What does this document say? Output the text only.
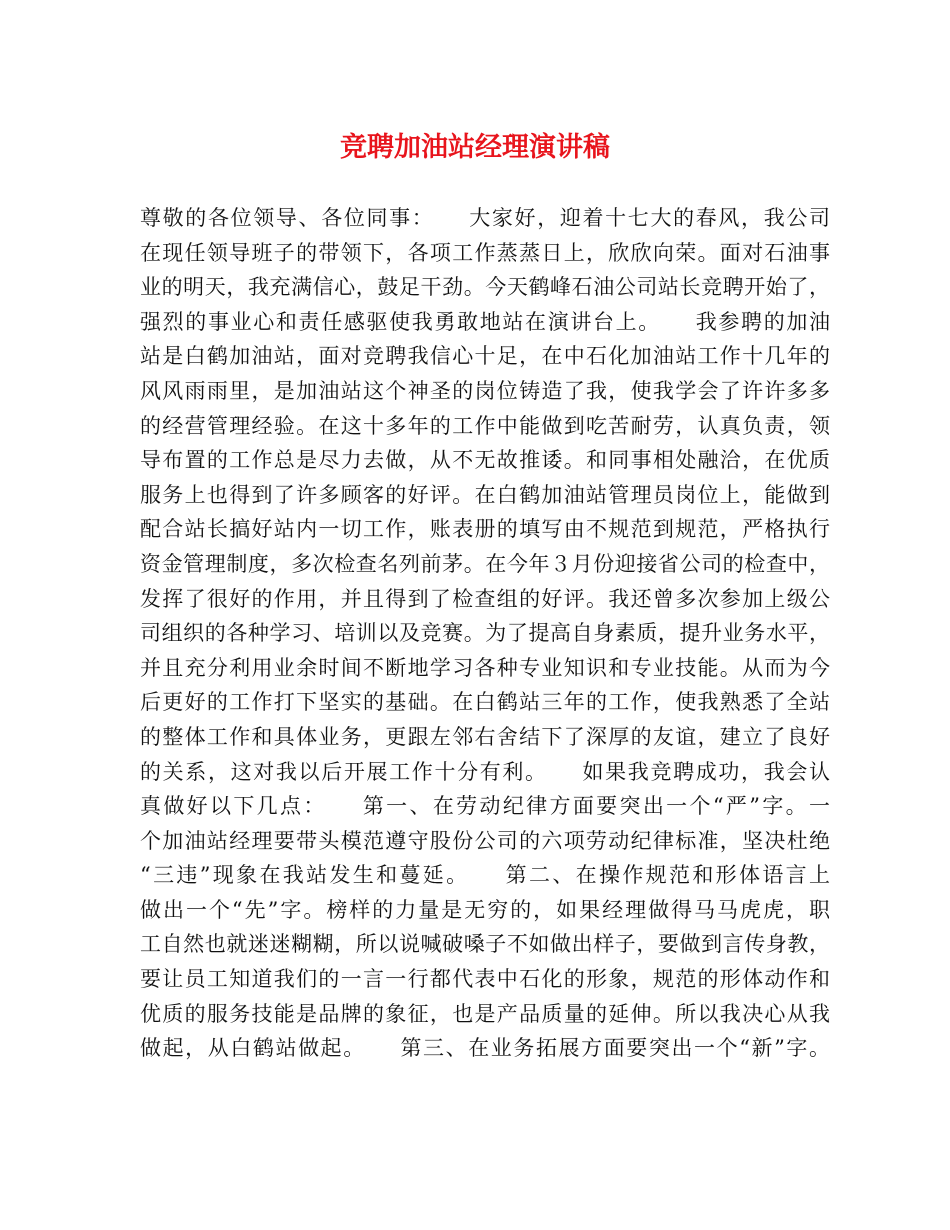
竞聘加油站经理演讲稿
尊敬的各位领导、各位同事：　　大家好，迎着十七大的春风，我公司
在现任领导班子的带领下，各项工作蒸蒸日上，欣欣向荣。面对石油事
业的明天，我充满信心，鼓足干劲。今天鹤峰石油公司站长竞聘开始了，
强烈的事业心和责任感驱使我勇敢地站在演讲台上。　　我参聘的加油
站是白鹤加油站，面对竞聘我信心十足，在中石化加油站工作十几年的
风风雨雨里，是加油站这个神圣的岗位铸造了我，使我学会了许许多多
的经营管理经验。在这十多年的工作中能做到吃苦耐劳，认真负责，领
导布置的工作总是尽力去做，从不无故推诿。和同事相处融洽，在优质
服务上也得到了许多顾客的好评。在白鹤加油站管理员岗位上，能做到
配合站长搞好站内一切工作，账表册的填写由不规范到规范，严格执行
资金管理制度，多次检查名列前茅。在今年３月份迎接省公司的检查中，
发挥了很好的作用，并且得到了检查组的好评。我还曾多次参加上级公
司组织的各种学习、培训以及竞赛。为了提高自身素质，提升业务水平，
并且充分利用业余时间不断地学习各种专业知识和专业技能。从而为今
后更好的工作打下坚实的基础。在白鹤站三年的工作，使我熟悉了全站
的整体工作和具体业务，更跟左邻右舍结下了深厚的友谊，建立了良好
的关系，这对我以后开展工作十分有利。　　如果我竞聘成功，我会认
真做好以下几点：　　第一、在劳动纪律方面要突出一个“严”字。一
个加油站经理要带头模范遵守股份公司的六项劳动纪律标准，坚决杜绝
“三违”现象在我站发生和蔓延。　　第二、在操作规范和形体语言上
做出一个“先”字。榜样的力量是无穷的，如果经理做得马马虎虎，职
工自然也就迷迷糊糊，所以说喊破嗓子不如做出样子，要做到言传身教，
要让员工知道我们的一言一行都代表中石化的形象，规范的形体动作和
优质的服务技能是品牌的象征，也是产品质量的延伸。所以我决心从我
做起，从白鹤站做起。　　第三、在业务拓展方面要突出一个“新”字。
